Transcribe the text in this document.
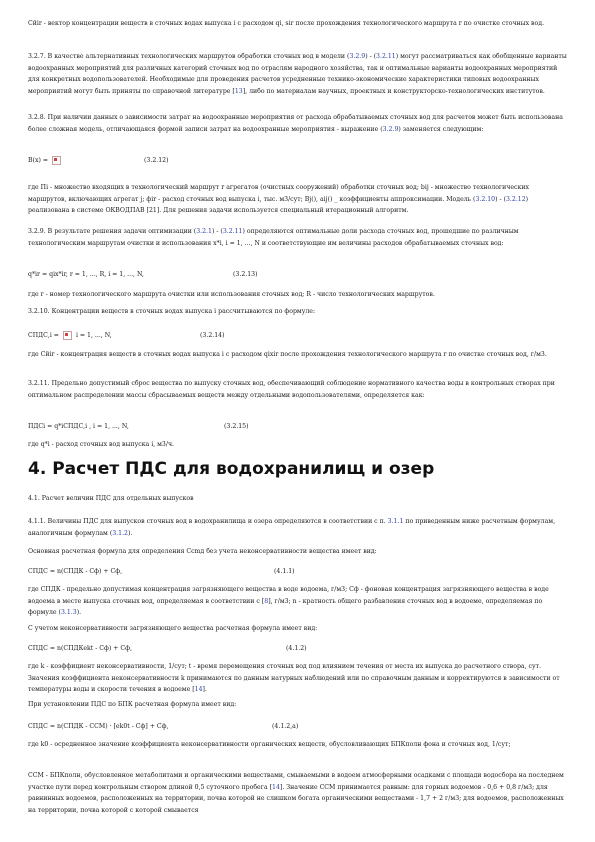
Сйіr - вектор концентрации веществ в сточных водах выпуска i с расходом qi, sir после прохождения технологического маршрута r по очистке сточных вод.

3.2.7. В качестве альтернативных технологических маршрутов обработки сточных вод в модели (3.2.9) - (3.2.11) могут рассматриваться как обобщенные варианты водоохранных мероприятий для различных категорий сточных вод по отраслям народного хозяйства, так и оптимальные варианты водоохранных мероприятий для конкретных водопользователей. Необходимые для проведения расчетов усредненные технико-экономические характеристики типовых водоохранных мероприятий могут быть приняты по справочной литературе [13], либо по материалам научных, проектных и конструкторско-технологических институтов.

3.2.8. При наличии данных о зависимости затрат на водоохранные мероприятия от расхода обрабатываемых сточных вод для расчетов может быть использована более сложная модель, отличающаяся формой записи затрат на водоохранные мероприятия - выражение (3.2.9) заменяется следующим:

B(x) =	(3.2.12)

где Пi - множество входящих в технологический маршрут r агрегатов (очистных сооружений) обработки сточных вод; bij - множество технологических маршрутов, включающих агрегат j; фir - расход сточных вод выпуска i, тыс. м3/сут; Bj(), aij() _ коэффициенты аппроксимации. Модель (3.2.10) - (3.2.12) реализована в системе ОКВОДПАВ [21]. Для решения задачи используется специальный итерационный алгоритм.

3.2.9. В результате решения задачи оптимизации (3.2.1) - (3.2.11) определяются оптимальные доли расхода сточных вод, прошедшие по различным технологическим маршрутам очистки и использования x*i, i = 1, ..., N и соответствующие им величины расходов обрабатываемых сточных вод:

q*ir = qix*ir, r = 1, ..., R, i = 1, ..., N,	(3.2.13)

где r - номер технологического маршрута очистки или использования сточных вод; R - число технологических маршрутов.

3.2.10. Концентрации веществ в сточных водах выпуска i рассчитываются по формуле:

СПДС,i =	i = 1, ..., N,	(3.2.14)

где Сйіr - концентрация веществ в сточных водах выпуска i с расходом qixir после прохождения технологического маршрута r по очистке сточных вод, г/м3.

3.2.11. Предельно допустимый сброс вещества по выпуску сточных вод, обеспечивающий соблюдение нормативного качества воды в контрольных створах при оптимальном распределении массы сбрасываемых веществ между отдельными водопользователями, определяется как:

ПДСi = q*iСПДС,i , i = 1, ..., N,	(3.2.15)

где q*i - расход сточных вод выпуска i, м3/ч.

4. Расчет ПДС для водохранилищ и озер

4.1. Расчет величин ПДС для отдельных выпусков

4.1.1. Величины ПДС для выпусков сточных вод в водохранилища и озера определяются в соответствии с п. 3.1.1 по приведенным ниже расчетным формулам, аналогичным формулам (3.1.2).

Основная расчетная формула для определения Сcmд без учета неконсервативности вещества имеет вид:

СПДС = n(СПДК - Сф) + Сф,	(4.1.1)

где СПДК - предельно допустимая концентрация загрязняющего вещества в воде водоема, г/м3; Сф - фоновая концентрация загрязняющего вещества в воде водоема в месте выпуска сточных вод, определяемая в соответствии с [8], г/м3; n - кратность общего разбавления сточных вод в водоеме, определяемая по формуле (3.1.3).

С учетом неконсервативности загрязняющего вещества расчетная формула имеет вид:

СПДС = n(СПДКekt - Сф) + Сф,	(4.1.2)

где k - коэффициент неконсервативности, 1/сут; t - время перемещения сточных вод под влиянием течения от места их выпуска до расчетного створа, сут. Значения коэффициента неконсервативности k принимаются по данным натурных наблюдений или по справочным данным и корректируются в зависимости от температуры воды и скорости течения в водоеме [14].

При установлении ПДС по БПК расчетная формула имеет вид:

СПДС = n(СПДК - ССМ) · [ek0t - Сф] + Сф,	(4.1.2,а)

где k0 - осредненное значение коэффициента неконсервативности органических веществ, обусловливающих БПКполн фона и сточных вод, 1/сут;

ССМ - БПКполн, обусловленное метаболитами и органическими веществами, смываемыми в водоем атмосферными осадками с площади водосбора на последнем участке пути перед контрольным створом длиной 0,5 суточного пробега [14]. Значение ССМ принимается равным: для горных водоемов - 0,6 + 0,8 г/м3; для равнинных водоемов, расположенных на территории, почва которой не слишком богата органическими веществами - 1,7 + 2 г/м3; для водоемов, расположенных на территории, почва которой с которой смывается
